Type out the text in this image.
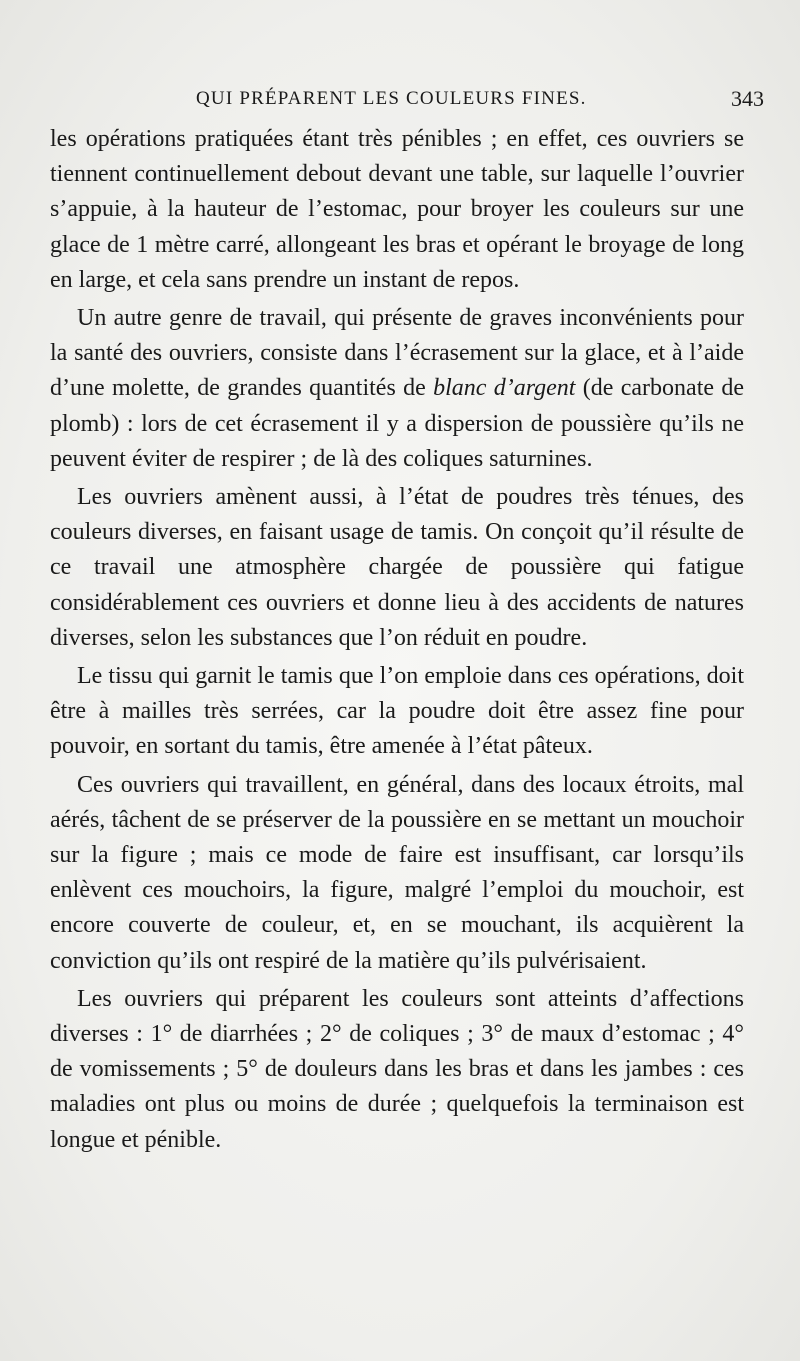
QUI PRÉPARENT LES COULEURS FINES.	343

les opérations pratiquées étant très pénibles ; en effet, ces ouvriers se tiennent continuellement debout devant une table, sur laquelle l’ouvrier s’appuie, à la hauteur de l’estomac, pour broyer les couleurs sur une glace de 1 mètre carré, allongeant les bras et opérant le broyage de long en large, et cela sans prendre un instant de repos.

Un autre genre de travail, qui présente de graves inconvénients pour la santé des ouvriers, consiste dans l’écrasement sur la glace, et à l’aide d’une molette, de grandes quantités de blanc d’argent (de carbonate de plomb) : lors de cet écrasement il y a dispersion de poussière qu’ils ne peuvent éviter de respirer ; de là des coliques saturnines.

Les ouvriers amènent aussi, à l’état de poudres très ténues, des couleurs diverses, en faisant usage de tamis. On conçoit qu’il résulte de ce travail une atmosphère chargée de poussière qui fatigue considérablement ces ouvriers et donne lieu à des accidents de natures diverses, selon les substances que l’on réduit en poudre.

Le tissu qui garnit le tamis que l’on emploie dans ces opérations, doit être à mailles très serrées, car la poudre doit être assez fine pour pouvoir, en sortant du tamis, être amenée à l’état pâteux.

Ces ouvriers qui travaillent, en général, dans des locaux étroits, mal aérés, tâchent de se préserver de la poussière en se mettant un mouchoir sur la figure ; mais ce mode de faire est insuffisant, car lorsqu’ils enlèvent ces mouchoirs, la figure, malgré l’emploi du mouchoir, est encore couverte de couleur, et, en se mouchant, ils acquièrent la conviction qu’ils ont respiré de la matière qu’ils pulvérisaient.

Les ouvriers qui préparent les couleurs sont atteints d’affections diverses : 1° de diarrhées ; 2° de coliques ; 3° de maux d’estomac ; 4° de vomissements ; 5° de douleurs dans les bras et dans les jambes : ces maladies ont plus ou moins de durée ; quelquefois la terminaison est longue et pénible.
